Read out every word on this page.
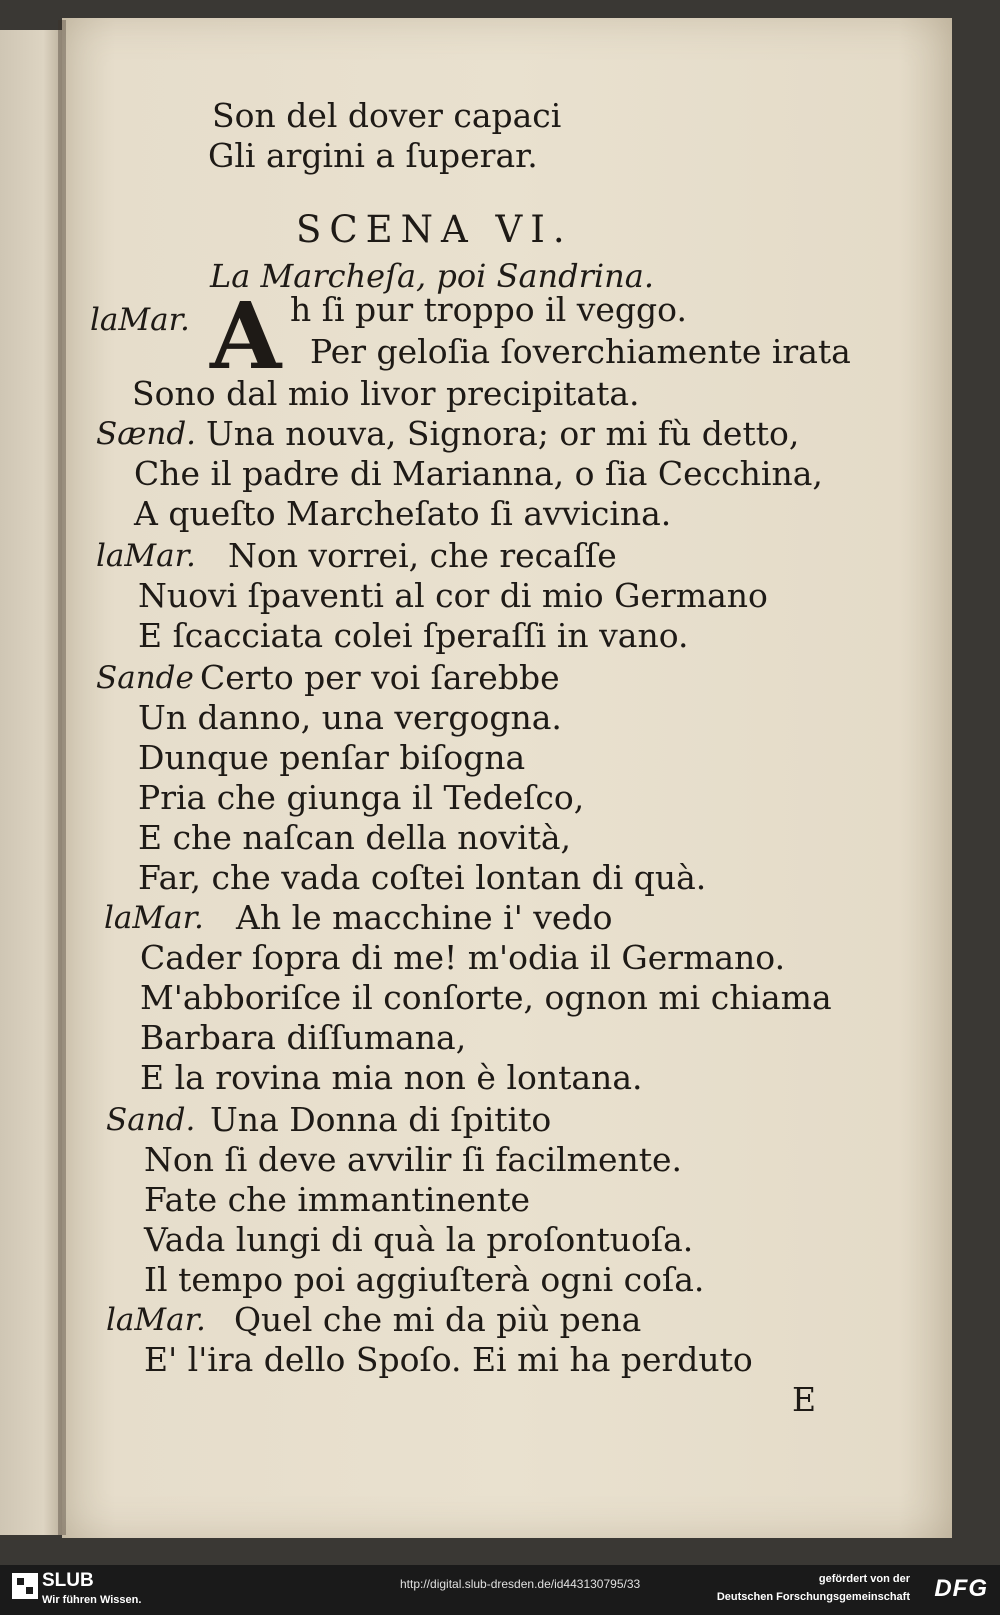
Son del dover capaci
Gli argini a ſuperar.
SCENA VI.
La Marcheſa, poi Sandrina.
laMar. A h ſi pur troppo il veggo.
Per geloſia ſoverchiamente irata
Sono dal mio livor precipitata.
Sænd. Una nouva, Signora; or mi fù detto,
Che il padre di Marianna, o ſia Cecchina,
A queſto Marcheſato ſi avvicina.
laMar. Non vorrei, che recaſſe
Nuovi ſpaventi al cor di mio Germano
E ſcacciata colei ſperaſſi in vano.
Sande Certo per voi ſarebbe
Un danno, una vergogna.
Dunque penſar biſogna
Pria che giunga il Tedeſco,
E che naſcan della novità,
Far, che vada coſtei lontan di quà.
laMar. Ah le macchine i' vedo
Cader ſopra di me! m'odia il Germano.
M'abboriſce il conſorte, ognon mi chiama
Barbara diſſumana,
E la rovina mia non è lontana.
Sand. Una Donna di ſpitito
Non ſi deve avvilir ſi facilmente.
Fate che immantinente
Vada lungi di quà la proſontuoſa.
Il tempo poi aggiuſterà ogni coſa.
laMar. Quel che mi da più pena
E' l'ira dello Spoſo. Ei mi ha perduto
E
SLUB
Wir führen Wissen.
http://digital.slub-dresden.de/id443130795/33	gefördert von der
Deutschen Forschungsgemeinschaft DFG
